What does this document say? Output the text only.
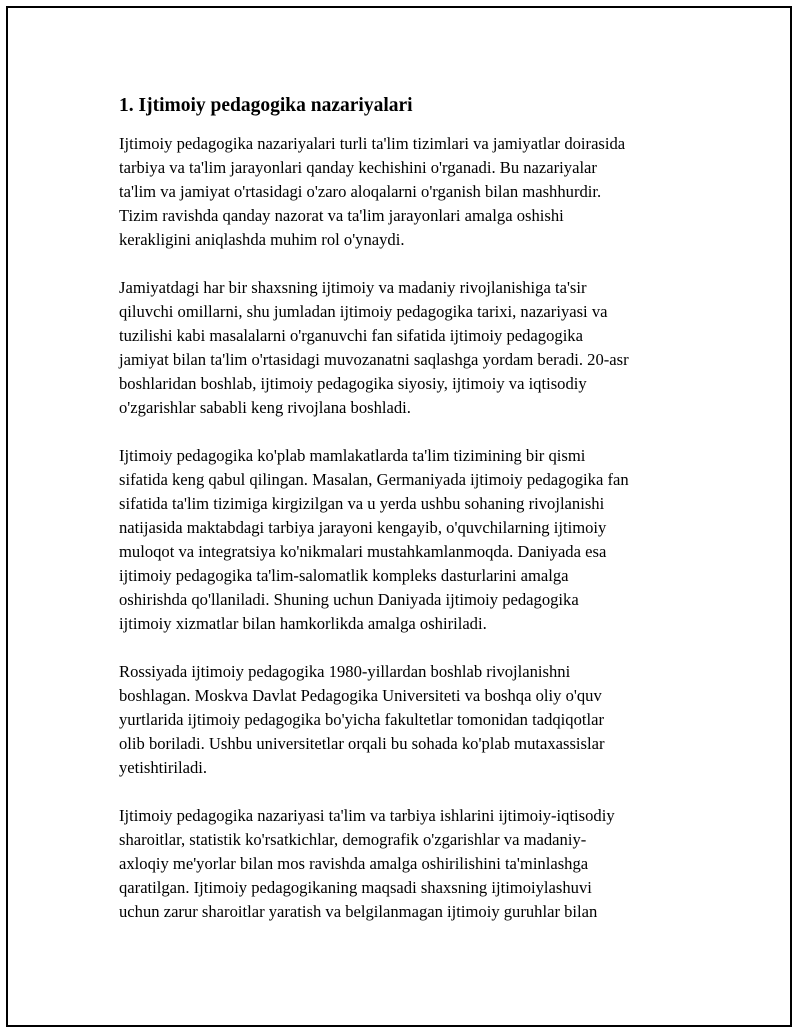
1. Ijtimoiy pedagogika nazariyalari

Ijtimoiy pedagogika nazariyalari turli ta'lim tizimlari va jamiyatlar doirasida
tarbiya va ta'lim jarayonlari qanday kechishini o'rganadi. Bu nazariyalar
ta'lim va jamiyat o'rtasidagi o'zaro aloqalarni o'rganish bilan mashhurdir.
Tizim ravishda qanday nazorat va ta'lim jarayonlari amalga oshishi
kerakligini aniqlashda muhim rol o'ynaydi.

Jamiyatdagi har bir shaxsning ijtimoiy va madaniy rivojlanishiga ta'sir
qiluvchi omillarni, shu jumladan ijtimoiy pedagogika tarixi, nazariyasi va
tuzilishi kabi masalalarni o'rganuvchi fan sifatida ijtimoiy pedagogika
jamiyat bilan ta'lim o'rtasidagi muvozanatni saqlashga yordam beradi. 20-asr
boshlaridan boshlab, ijtimoiy pedagogika siyosiy, ijtimoiy va iqtisodiy
o'zgarishlar sababli keng rivojlana boshladi.

Ijtimoiy pedagogika ko'plab mamlakatlarda ta'lim tizimining bir qismi
sifatida keng qabul qilingan. Masalan, Germaniyada ijtimoiy pedagogika fan
sifatida ta'lim tizimiga kirgizilgan va u yerda ushbu sohaning rivojlanishi
natijasida maktabdagi tarbiya jarayoni kengayib, o'quvchilarning ijtimoiy
muloqot va integratsiya ko'nikmalari mustahkamlanmoqda. Daniyada esa
ijtimoiy pedagogika ta'lim-salomatlik kompleks dasturlarini amalga
oshirishda qo'llaniladi. Shuning uchun Daniyada ijtimoiy pedagogika
ijtimoiy xizmatlar bilan hamkorlikda amalga oshiriladi.

Rossiyada ijtimoiy pedagogika 1980-yillardan boshlab rivojlanishni
boshlagan. Moskva Davlat Pedagogika Universiteti va boshqa oliy o'quv
yurtlarida ijtimoiy pedagogika bo'yicha fakultetlar tomonidan tadqiqotlar
olib boriladi. Ushbu universitetlar orqali bu sohada ko'plab mutaxassislar
yetishtiriladi.

Ijtimoiy pedagogika nazariyasi ta'lim va tarbiya ishlarini ijtimoiy-iqtisodiy
sharoitlar, statistik ko'rsatkichlar, demografik o'zgarishlar va madaniy-
axloqiy me'yorlar bilan mos ravishda amalga oshirilishini ta'minlashga
qaratilgan. Ijtimoiy pedagogikaning maqsadi shaxsning ijtimoiylashuvi
uchun zarur sharoitlar yaratish va belgilanmagan ijtimoiy guruhlar bilan
